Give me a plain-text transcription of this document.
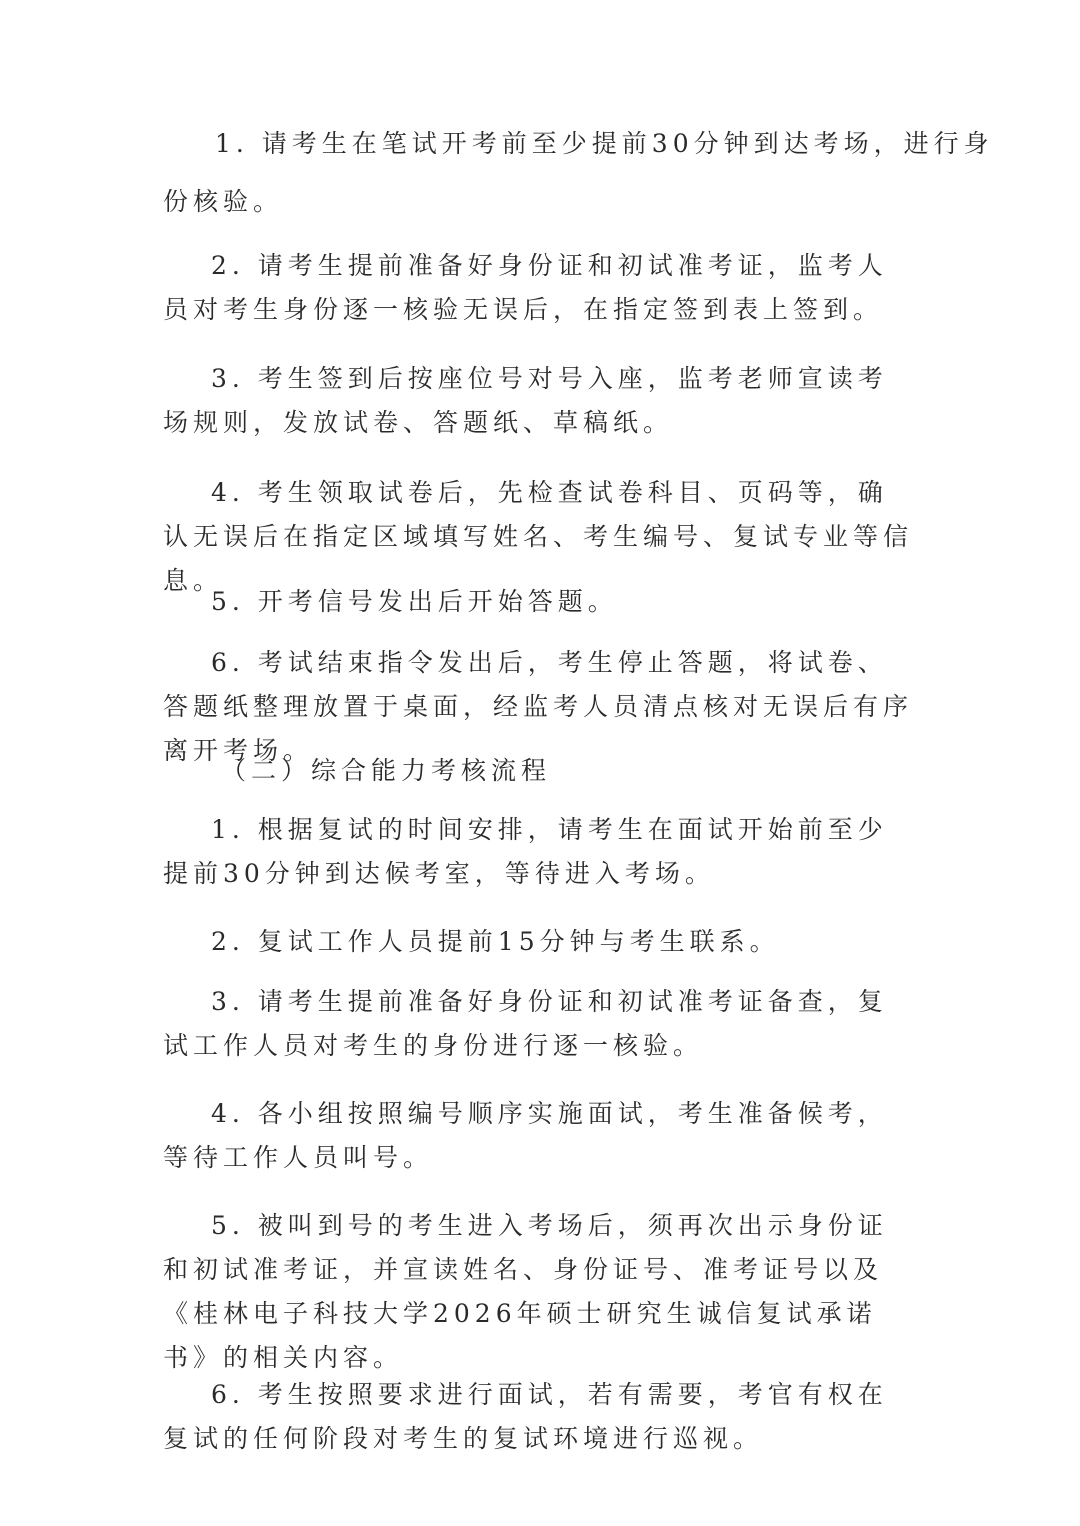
1. 请考生在笔试开考前至少提前30分钟到达考场，进行身

份核验。

2. 请考生提前准备好身份证和初试准考证，监考人员对考生身份逐一核验无误后，在指定签到表上签到。

3. 考生签到后按座位号对号入座，监考老师宣读考场规则，发放试卷、答题纸、草稿纸。

4. 考生领取试卷后，先检查试卷科目、页码等，确认无误后在指定区域填写姓名、考生编号、复试专业等信息。

5. 开考信号发出后开始答题。

6. 考试结束指令发出后，考生停止答题，将试卷、答题纸整理放置于桌面，经监考人员清点核对无误后有序离开考场。

（二）综合能力考核流程

1. 根据复试的时间安排，请考生在面试开始前至少提前30分钟到达候考室，等待进入考场。

2. 复试工作人员提前15分钟与考生联系。

3. 请考生提前准备好身份证和初试准考证备查，复试工作人员对考生的身份进行逐一核验。

4. 各小组按照编号顺序实施面试，考生准备候考，等待工作人员叫号。

5. 被叫到号的考生进入考场后，须再次出示身份证和初试准考证，并宣读姓名、身份证号、准考证号以及《桂林电子科技大学2026年硕士研究生诚信复试承诺书》的相关内容。

6. 考生按照要求进行面试，若有需要，考官有权在复试的任何阶段对考生的复试环境进行巡视。
